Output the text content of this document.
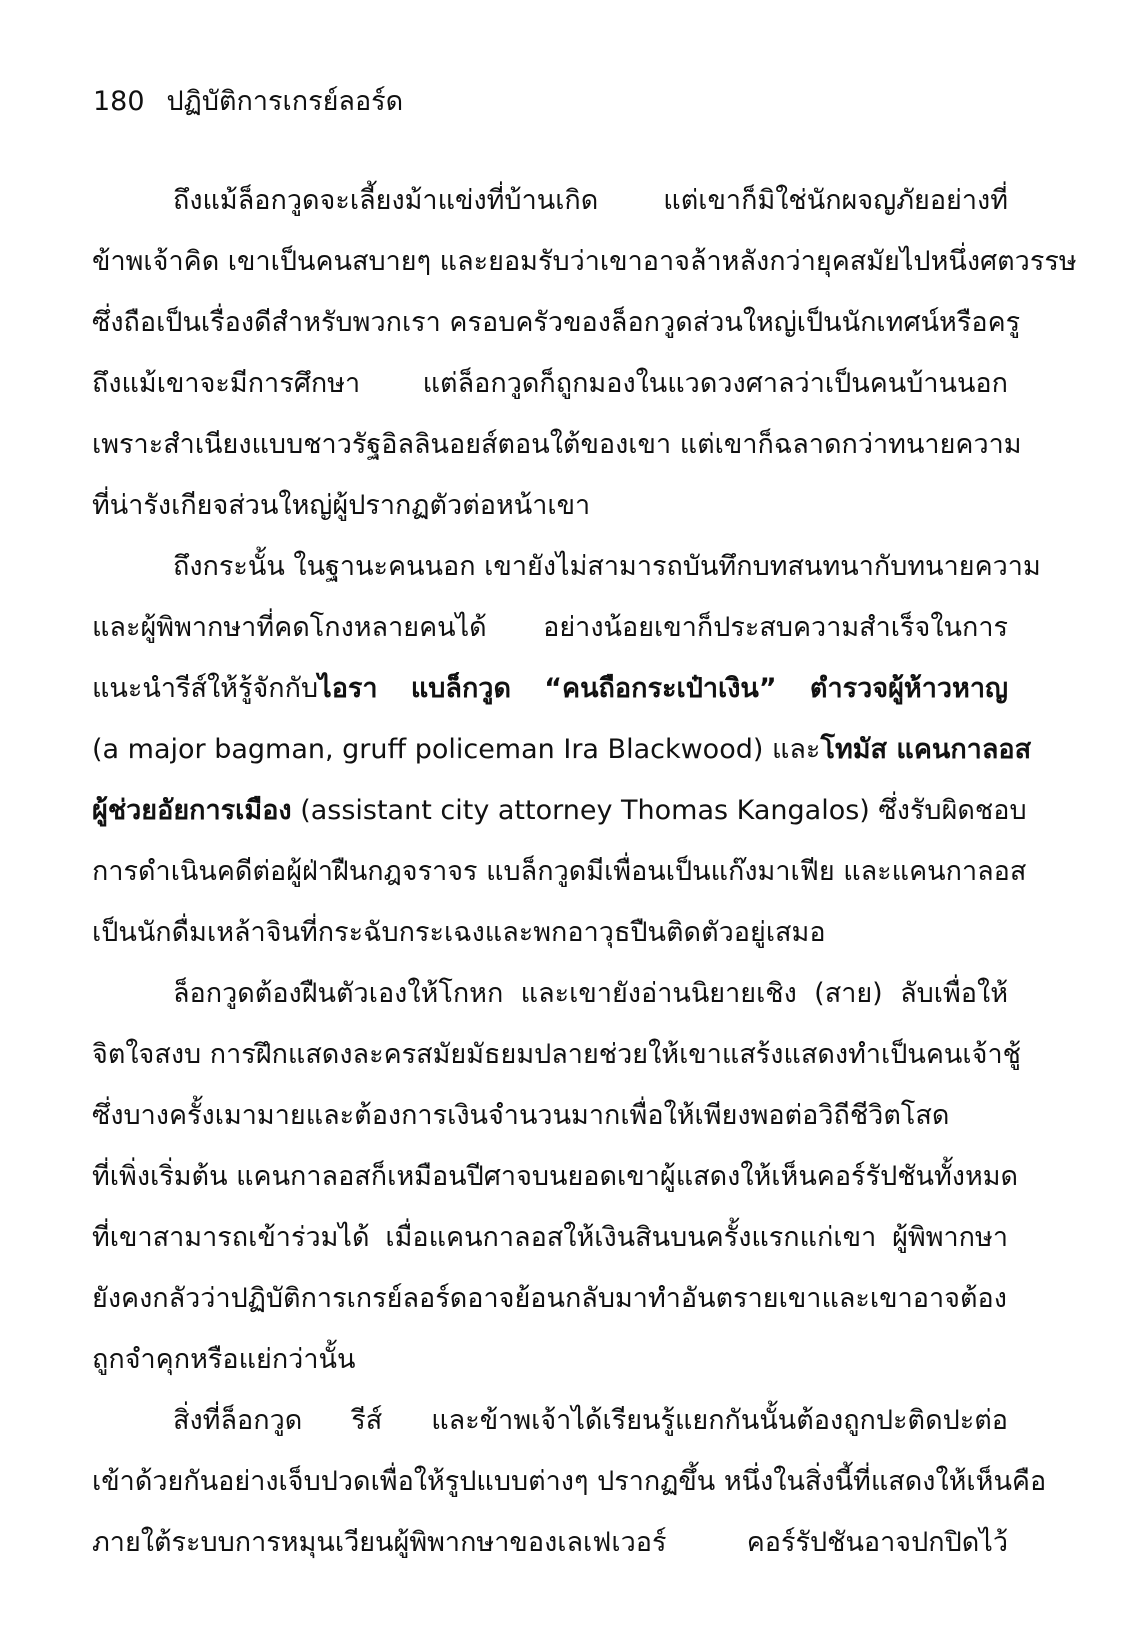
180 ปฏิบัติการเกรย์ลอร์ด
ถึงแม้ล็อกวูดจะเลี้ยงม้าแข่งที่บ้านเกิด แต่เขาก็มิใช่นักผจญภัยอย่างที่
ข้าพเจ้าคิด เขาเป็นคนสบายๆ และยอมรับว่าเขาอาจล้าหลังกว่ายุคสมัยไปหนึ่งศตวรรษ
ซึ่งถือเป็นเรื่องดีสำหรับพวกเรา ครอบครัวของล็อกวูดส่วนใหญ่เป็นนักเทศน์หรือครู
ถึงแม้เขาจะมีการศึกษา แต่ล็อกวูดก็ถูกมองในแวดวงศาลว่าเป็นคนบ้านนอก
เพราะสำเนียงแบบชาวรัฐอิลลินอยส์ตอนใต้ของเขา แต่เขาก็ฉลาดกว่าทนายความ
ที่น่ารังเกียจส่วนใหญ่ผู้ปรากฏตัวต่อหน้าเขา
ถึงกระนั้น ในฐานะคนนอก เขายังไม่สามารถบันทึกบทสนทนากับทนายความ
และผู้พิพากษาที่คดโกงหลายคนได้ อย่างน้อยเขาก็ประสบความสำเร็จในการ
แนะนำรีส์ให้รู้จักกับไอรา แบล็กวูด “คนถือกระเป๋าเงิน” ตำรวจผู้ห้าวหาญ
(a major bagman, gruff policeman Ira Blackwood) และโทมัส แคนกาลอส
ผู้ช่วยอัยการเมือง (assistant city attorney Thomas Kangalos) ซึ่งรับผิดชอบ
การดำเนินคดีต่อผู้ฝ่าฝืนกฎจราจร แบล็กวูดมีเพื่อนเป็นแก๊งมาเฟีย และแคนกาลอส
เป็นนักดื่มเหล้าจินที่กระฉับกระเฉงและพกอาวุธปืนติดตัวอยู่เสมอ
ล็อกวูดต้องฝืนตัวเองให้โกหก และเขายังอ่านนิยายเชิง (สาย) ลับเพื่อให้
จิตใจสงบ การฝึกแสดงละครสมัยมัธยมปลายช่วยให้เขาแสร้งแสดงทำเป็นคนเจ้าชู้
ซึ่งบางครั้งเมามายและต้องการเงินจำนวนมากเพื่อให้เพียงพอต่อวิถีชีวิตโสด
ที่เพิ่งเริ่มต้น แคนกาลอสก็เหมือนปีศาจบนยอดเขาผู้แสดงให้เห็นคอร์รัปชันทั้งหมด
ที่เขาสามารถเข้าร่วมได้ เมื่อแคนกาลอสให้เงินสินบนครั้งแรกแก่เขา ผู้พิพากษา
ยังคงกลัวว่าปฏิบัติการเกรย์ลอร์ดอาจย้อนกลับมาทำอันตรายเขาและเขาอาจต้อง
ถูกจำคุกหรือแย่กว่านั้น
สิ่งที่ล็อกวูด รีส์ และข้าพเจ้าได้เรียนรู้แยกกันนั้นต้องถูกปะติดปะต่อ
เข้าด้วยกันอย่างเจ็บปวดเพื่อให้รูปแบบต่างๆ ปรากฏขึ้น หนึ่งในสิ่งนี้ที่แสดงให้เห็นคือ
ภายใต้ระบบการหมุนเวียนผู้พิพากษาของเลเฟเวอร์ คอร์รัปชันอาจปกปิดไว้
